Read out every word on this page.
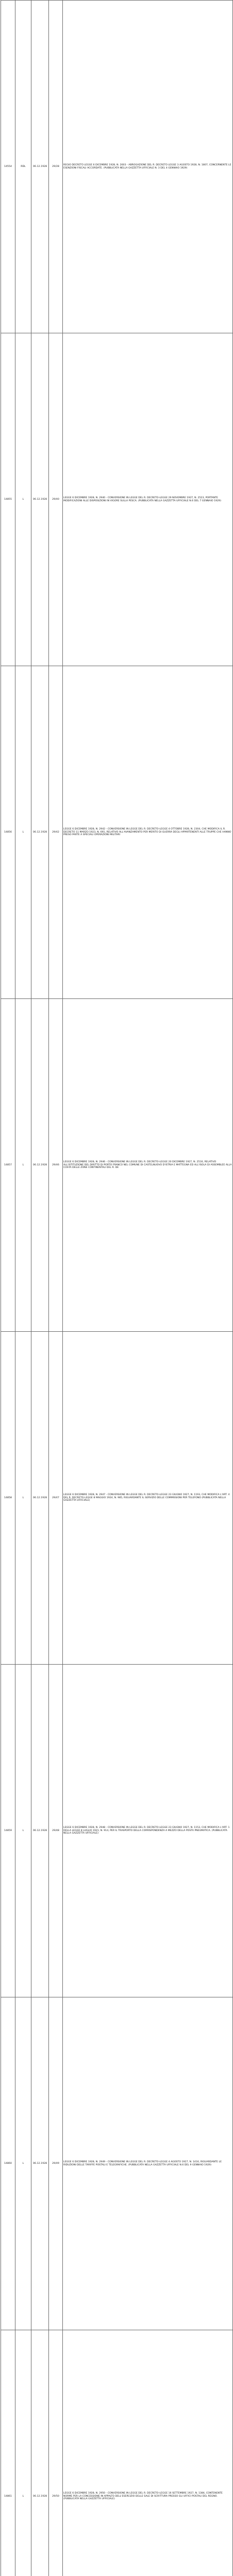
14554	RDL	06.12.1928	29/28	REGIO DECRETO LEGGE 6 DICEMBRE 1928, N. 2603 - ABROGAZIONE DEL R. DECRETO LEGGE 3 AGOSTO 1928, N. 1807, CONCERNENTE LE ESENZIONI FISCALI ACCORDATE. (PUBBLICATA NELLA GAZZETTA UFFICIALE N. 3 DEL 4 GENNAIO 1929)
14855	L	06.12.1928	29/40	LEGGE 6 DICEMBRE 1928, N. 2940 - CONVERSIONE IN LEGGE DEL R. DECRETO-LEGGE 29 NOVEMBRE 1927, N. 2523, PORTANTE MODIFICAZIONI ALLE DISPOSIZIONI IN VIGORE SULLA PESCA. (PUBBLICATA NELLA GAZZETTA UFFICIALE N.6 DEL 7 GENNAIO 1929)
14856	L	06.12.1928	29/42	LEGGE 6 DICEMBRE 1928, N. 2942 - CONVERSIONE IN LEGGE DEL R. DECRETO-LEGGE 4 OTTOBRE 1928, N. 2304, CHE MODIFICA IL R. DECRETO 11 MARZO 1923, N. 691, RELATIVO ALL'AVANZAMENTO PER MERITO DI GUERRA DEGLI APPARTENENTI ALLE TRUPPE CHE HANNO PRESO PARTE A SPECIALI OPERAZIONI MILITARI
14857	L	06.12.1928	29/46	LEGGE 6 DICEMBRE 1928, N. 2946 - CONVERSIONE IN LEGGE DEL R. DECRETO-LEGGE 20 DICEMBRE 1927, N. 2516, RELATIVO ALL'ISTITUZIONE DEL DIRITTO DI PORTO FRANCO NEL COMUNE DI CASTELNUOVO D'ISTRIA E MATTEGNA ED ALL'ISOLA DI ASSEMBLEE ALLA COSTA DELLE ZONE CONTINENTALI DEL R. DE
14858	L	06.12.1928	29/47	LEGGE 6 DICEMBRE 1928, N. 2947 - CONVERSIONE IN LEGGE DEL R. DECRETO-LEGGE 23 GIUGNO 1927, N. 1193, CHE MODIFICA L'ART. 4 DEL R. DECRETO-LEGGE 8 MAGGIO 1924, N. 985, RIGUARDANTE IL SERVIZIO DELLE COMMISSIONI PER TELEFONO (PUBBLICATA NELLA GAZZETTA UFFICIALE)
14859	L	06.12.1928	29/48	LEGGE 6 DICEMBRE 1928, N. 2948 - CONVERSIONE IN LEGGE DEL R. DECRETO-LEGGE 23 GIUGNO 1927, N. 1153, CHE MODIFICA L'ART. 1 DELLA LEGGE 8 LUGLIO 1921, N. 914, PER IL TRASPORTO DELLA CORRISPONDENZA A MEZZO DELLA POSTA PNEUMATICA. (PUBBLICATA NELLA GAZZETTA UFFICIALE)
14860	L	06.12.1928	29/49	LEGGE 6 DICEMBRE 1928, N. 2949 - CONVERSIONE IN LEGGE DEL R. DECRETO-LEGGE 4 AGOSTO 1927, N. 1416, RIGUARDANTE LE RIDUZIONI DELLE TARIFFE POSTALI E TELEGRAFICHE. (PUBBLICATA NELLA GAZZETTA UFFICIALE N.6 DEL 9 GENNAIO 1929)
14861	L	06.12.1928	29/50	LEGGE 6 DICEMBRE 1928, N. 2950 - CONVERSIONE IN LEGGE DEL R. DECRETO-LEGGE 16 SETTEMBRE 1927, N. 1384, CONTENENTE NORME PER LA CONCESSIONE IN APPALTO DELL'ESERCIZIO DELLE SALE DI SCRITTURA PRESSO GLI UFFICI POSTALI DEL REGNO. (PUBBLICATA NELLA GAZZETTA UFFICIALE)
